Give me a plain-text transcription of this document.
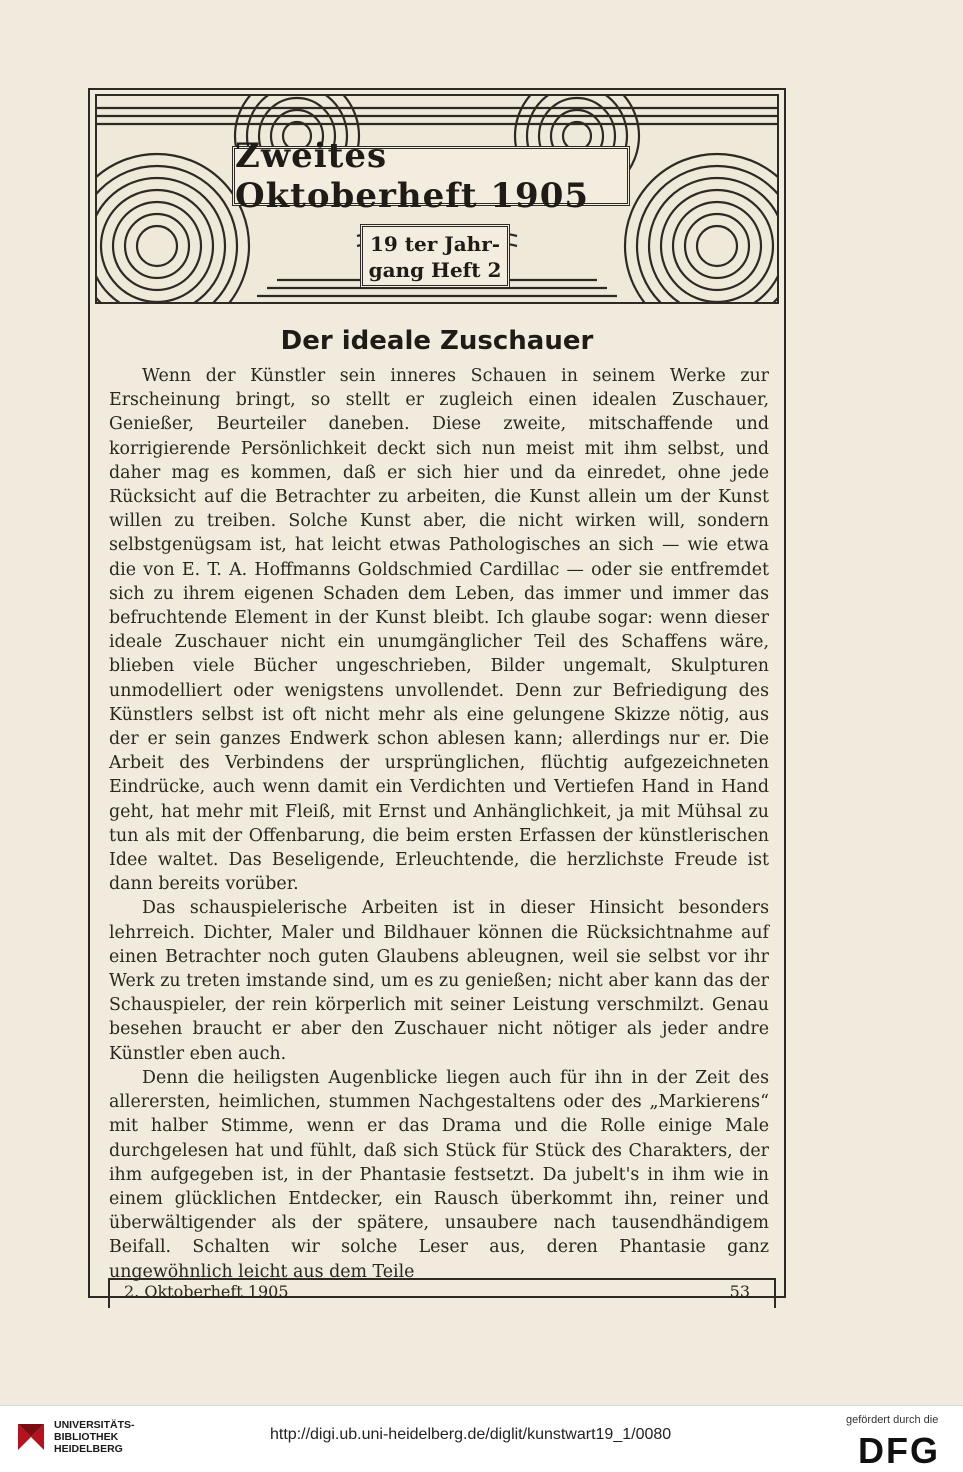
Zweites Oktoberheft 1905
19 ter Jahr-
gang Heft 2
Der ideale Zuschauer

Wenn der Künstler sein inneres Schauen in seinem Werke zur Erscheinung bringt, so stellt er zugleich einen idealen Zuschauer, Genießer, Beurteiler daneben. Diese zweite, mitschaffende und korrigierende Persönlichkeit deckt sich nun meist mit ihm selbst, und daher mag es kommen, daß er sich hier und da einredet, ohne jede Rücksicht auf die Betrachter zu arbeiten, die Kunst allein um der Kunst willen zu treiben. Solche Kunst aber, die nicht wirken will, sondern selbstgenügsam ist, hat leicht etwas Pathologisches an sich — wie etwa die von E. T. A. Hoffmanns Goldschmied Cardillac — oder sie entfremdet sich zu ihrem eigenen Schaden dem Leben, das immer und immer das befruchtende Element in der Kunst bleibt. Ich glaube sogar: wenn dieser ideale Zuschauer nicht ein unumgänglicher Teil des Schaffens wäre, blieben viele Bücher ungeschrieben, Bilder ungemalt, Skulpturen unmodelliert oder wenigstens unvollendet. Denn zur Befriedigung des Künstlers selbst ist oft nicht mehr als eine gelungene Skizze nötig, aus der er sein ganzes Endwerk schon ablesen kann; allerdings nur er. Die Arbeit des Verbindens der ursprünglichen, flüchtig aufgezeichneten Eindrücke, auch wenn damit ein Verdichten und Vertiefen Hand in Hand geht, hat mehr mit Fleiß, mit Ernst und Anhänglichkeit, ja mit Mühsal zu tun als mit der Offenbarung, die beim ersten Erfassen der künstlerischen Idee waltet. Das Beseligende, Erleuchtende, die herzlichste Freude ist dann bereits vorüber.

Das schauspielerische Arbeiten ist in dieser Hinsicht besonders lehrreich. Dichter, Maler und Bildhauer können die Rücksichtnahme auf einen Betrachter noch guten Glaubens ableugnen, weil sie selbst vor ihr Werk zu treten imstande sind, um es zu genießen; nicht aber kann das der Schauspieler, der rein körperlich mit seiner Leistung verschmilzt. Genau besehen braucht er aber den Zuschauer nicht nötiger als jeder andre Künstler eben auch.

Denn die heiligsten Augenblicke liegen auch für ihn in der Zeit des allerersten, heimlichen, stummen Nachgestaltens oder des „Markierens“ mit halber Stimme, wenn er das Drama und die Rolle einige Male durchgelesen hat und fühlt, daß sich Stück für Stück des Charakters, der ihm aufgegeben ist, in der Phantasie festsetzt. Da jubelt's in ihm wie in einem glücklichen Entdecker, ein Rausch überkommt ihn, reiner und überwältigender als der spätere, unsaubere nach tausendhändigem Beifall. Schalten wir solche Leser aus, deren Phantasie ganz ungewöhnlich leicht aus dem Teile

2. Oktoberheft 1905	53
UNIVERSITÄTS-
BIBLIOTHEK
HEIDELBERG
http://digi.ub.uni-heidelberg.de/diglit/kunstwart19_1/0080
gefördert durch die
DFG
